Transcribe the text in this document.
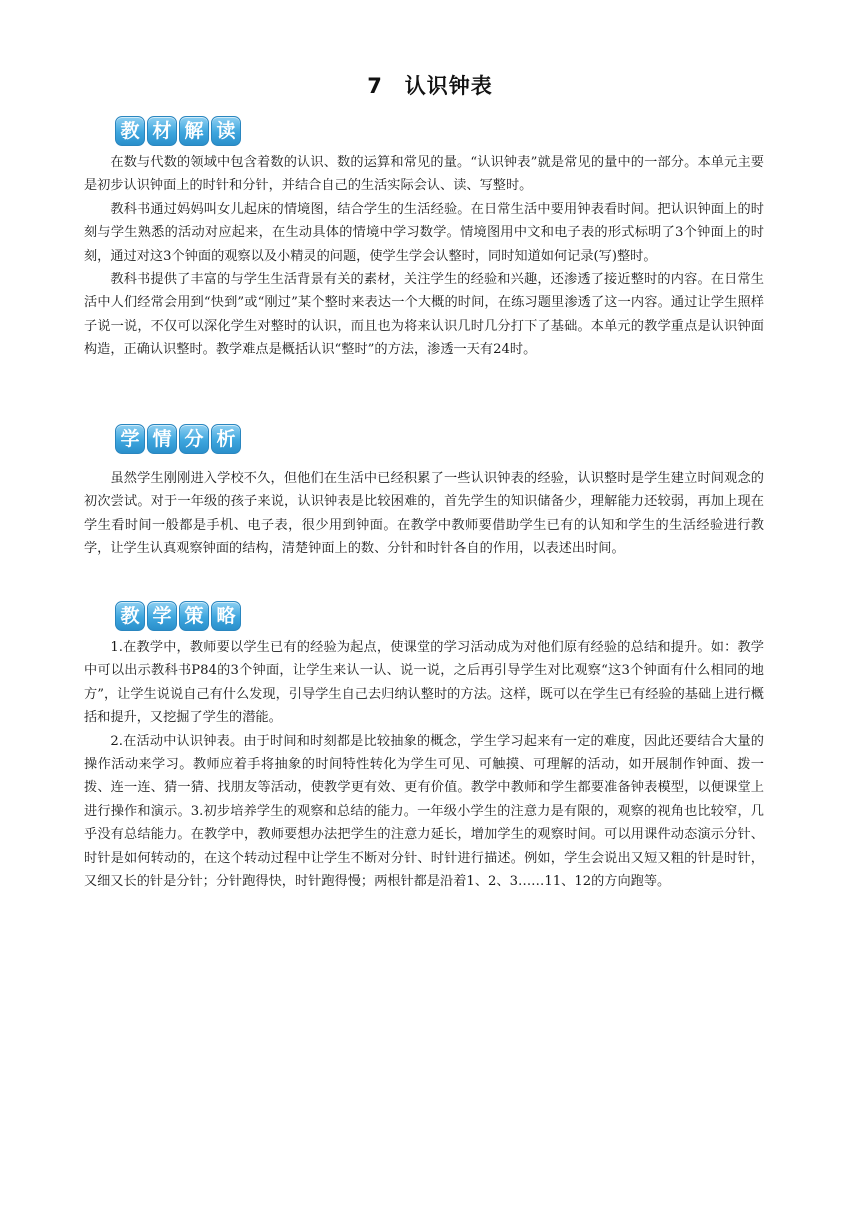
7　认识钟表
教 材 解 读

在数与代数的领域中包含着数的认识、数的运算和常见的量。“认识钟表”就是常见的量中的一部分。本单元主要是初步认识钟面上的时针和分针，并结合自己的生活实际会认、读、写整时。

教科书通过妈妈叫女儿起床的情境图，结合学生的生活经验。在日常生活中要用钟表看时间。把认识钟面上的时刻与学生熟悉的活动对应起来，在生动具体的情境中学习数学。情境图用中文和电子表的形式标明了3个钟面上的时刻，通过对这3个钟面的观察以及小精灵的问题，使学生学会认整时，同时知道如何记录(写)整时。

教科书提供了丰富的与学生生活背景有关的素材，关注学生的经验和兴趣，还渗透了接近整时的内容。在日常生活中人们经常会用到“快到”或“刚过”某个整时来表达一个大概的时间，在练习题里渗透了这一内容。通过让学生照样子说一说，不仅可以深化学生对整时的认识，而且也为将来认识几时几分打下了基础。本单元的教学重点是认识钟面构造，正确认识整时。教学难点是概括认识“整时”的方法，渗透一天有24时。

学 情 分 析

虽然学生刚刚进入学校不久，但他们在生活中已经积累了一些认识钟表的经验，认识整时是学生建立时间观念的初次尝试。对于一年级的孩子来说，认识钟表是比较困难的，首先学生的知识储备少，理解能力还较弱，再加上现在学生看时间一般都是手机、电子表，很少用到钟面。在教学中教师要借助学生已有的认知和学生的生活经验进行教学，让学生认真观察钟面的结构，清楚钟面上的数、分针和时针各自的作用，以表述出时间。

教 学 策 略

1.在教学中，教师要以学生已有的经验为起点，使课堂的学习活动成为对他们原有经验的总结和提升。如：教学中可以出示教科书P84的3个钟面，让学生来认一认、说一说，之后再引导学生对比观察“这3个钟面有什么相同的地方”，让学生说说自己有什么发现，引导学生自己去归纳认整时的方法。这样，既可以在学生已有经验的基础上进行概括和提升，又挖掘了学生的潜能。

2.在活动中认识钟表。由于时间和时刻都是比较抽象的概念，学生学习起来有一定的难度，因此还要结合大量的操作活动来学习。教师应着手将抽象的时间特性转化为学生可见、可触摸、可理解的活动，如开展制作钟面、拨一拨、连一连、猜一猜、找朋友等活动，使教学更有效、更有价值。教学中教师和学生都要准备钟表模型，以便课堂上进行操作和演示。3.初步培养学生的观察和总结的能力。一年级小学生的注意力是有限的，观察的视角也比较窄，几乎没有总结能力。在教学中，教师要想办法把学生的注意力延长，增加学生的观察时间。可以用课件动态演示分针、时针是如何转动的，在这个转动过程中让学生不断对分针、时针进行描述。例如，学生会说出又短又粗的针是时针，又细又长的针是分针；分针跑得快，时针跑得慢；两根针都是沿着1、2、3……11、12的方向跑等。
